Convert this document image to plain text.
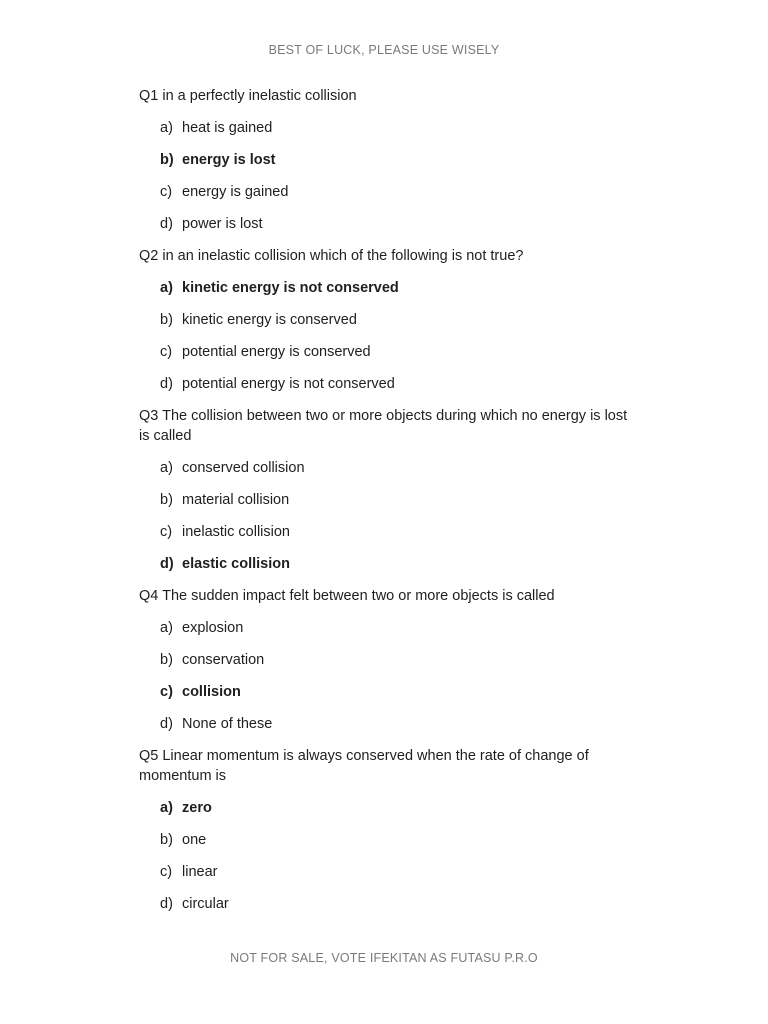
BEST OF LUCK, PLEASE USE WISELY
Q1 in a perfectly inelastic collision
a) heat is gained
b) energy is lost
c) energy is gained
d) power is lost
Q2 in an inelastic collision which of the following is not true?
a) kinetic energy is not conserved
b) kinetic energy is conserved
c) potential energy is conserved
d) potential energy is not conserved
Q3 The collision between two or more objects during which no energy is lost is called
a) conserved collision
b) material collision
c) inelastic collision
d) elastic collision
Q4 The sudden impact felt between two or more objects is called
a) explosion
b) conservation
c) collision
d) None of these
Q5 Linear momentum is always conserved when the rate of change of momentum is
a) zero
b) one
c) linear
d) circular
NOT FOR SALE, VOTE IFEKITAN AS FUTASU P.R.O
